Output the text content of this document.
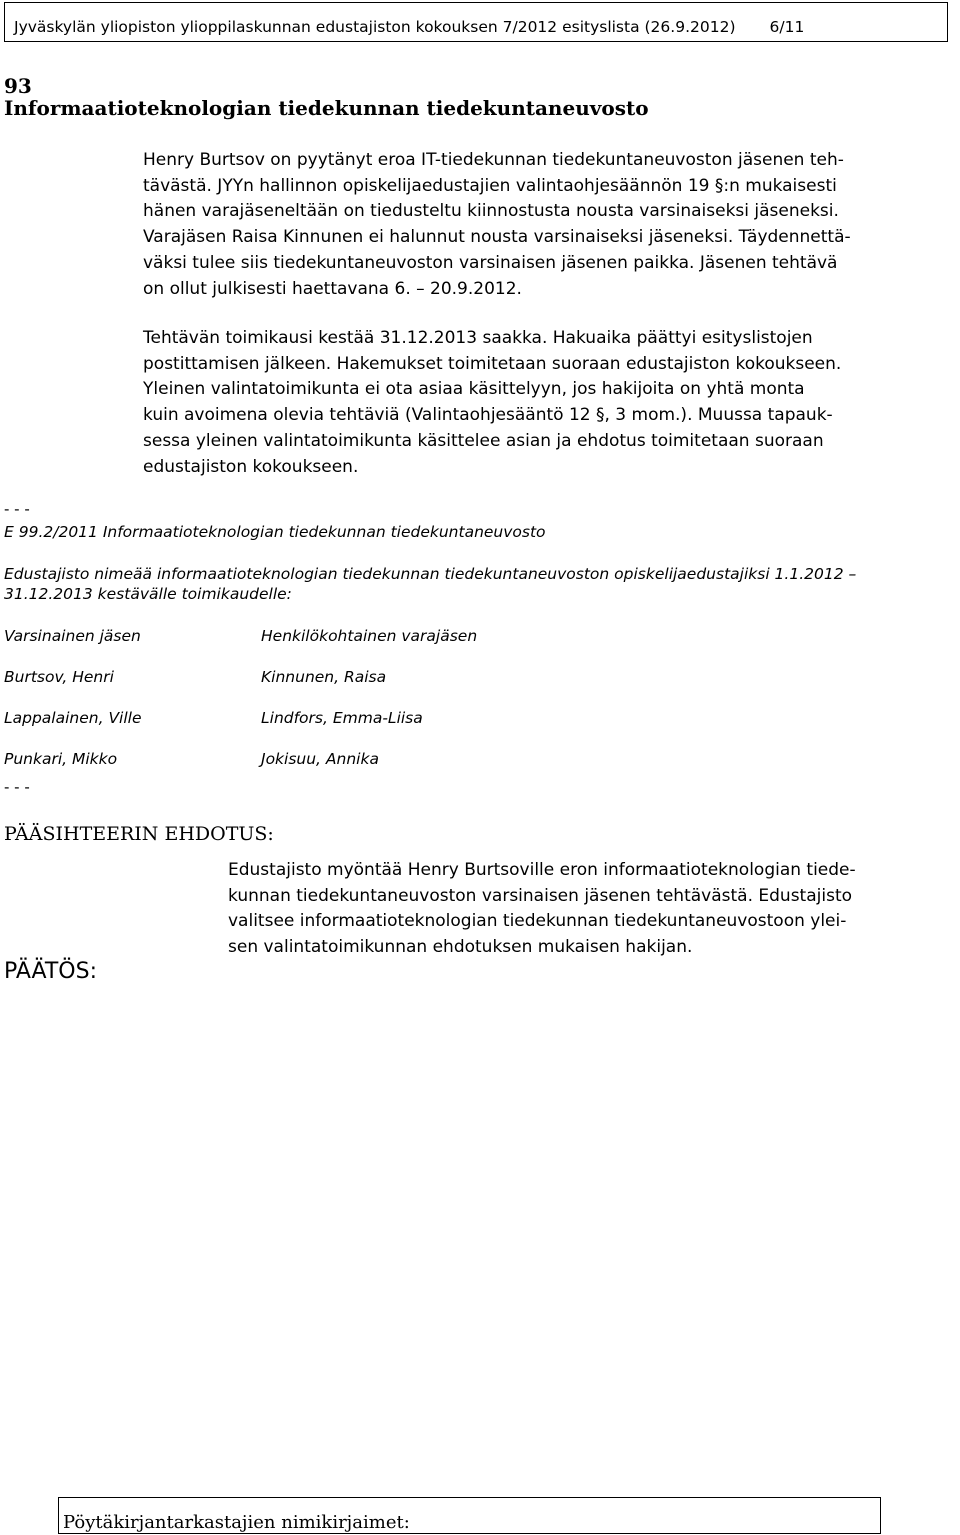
Jyväskylän yliopiston ylioppilaskunnan edustajiston kokouksen 7/2012 esityslista (26.9.2012) 6/11
93
Informaatioteknologian tiedekunnan tiedekuntaneuvosto
Henry Burtsov on pyytänyt eroa IT-tiedekunnan tiedekuntaneuvoston jäsenen teh-
tävästä. JYYn hallinnon opiskelijaedustajien valintaohjesäännön 19 §:n mukaisesti
hänen varajäseneltään on tiedusteltu kiinnostusta nousta varsinaiseksi jäseneksi.
Varajäsen Raisa Kinnunen ei halunnut nousta varsinaiseksi jäseneksi. Täydennettä-
väksi tulee siis tiedekuntaneuvoston varsinaisen jäsenen paikka. Jäsenen tehtävä
on ollut julkisesti haettavana 6. – 20.9.2012.
Tehtävän toimikausi kestää 31.12.2013 saakka. Hakuaika päättyi esityslistojen
postittamisen jälkeen. Hakemukset toimitetaan suoraan edustajiston kokoukseen.
Yleinen valintatoimikunta ei ota asiaa käsittelyyn, jos hakijoita on yhtä monta
kuin avoimena olevia tehtäviä (Valintaohjesääntö 12 §, 3 mom.). Muussa tapauk-
sessa yleinen valintatoimikunta käsittelee asian ja ehdotus toimitetaan suoraan
edustajiston kokoukseen.
- - -
E 99.2/2011 Informaatioteknologian tiedekunnan tiedekuntaneuvosto
Edustajisto nimeää informaatioteknologian tiedekunnan tiedekuntaneuvoston opiskelijaedustajiksi 1.1.2012 –
31.12.2013 kestävälle toimikaudelle:
Varsinainen jäsen	Henkilökohtainen varajäsen
Burtsov, Henri	Kinnunen, Raisa
Lappalainen, Ville	Lindfors, Emma-Liisa
Punkari, Mikko	Jokisuu, Annika
- - -
PÄÄSIHTEERIN EHDOTUS:
Edustajisto myöntää Henry Burtsoville eron informaatioteknologian tiede-
kunnan tiedekuntaneuvoston varsinaisen jäsenen tehtävästä. Edustajisto
valitsee informaatioteknologian tiedekunnan tiedekuntaneuvostoon ylei-
sen valintatoimikunnan ehdotuksen mukaisen hakijan.
PÄÄTÖS:
Pöytäkirjantarkastajien nimikirjaimet:
